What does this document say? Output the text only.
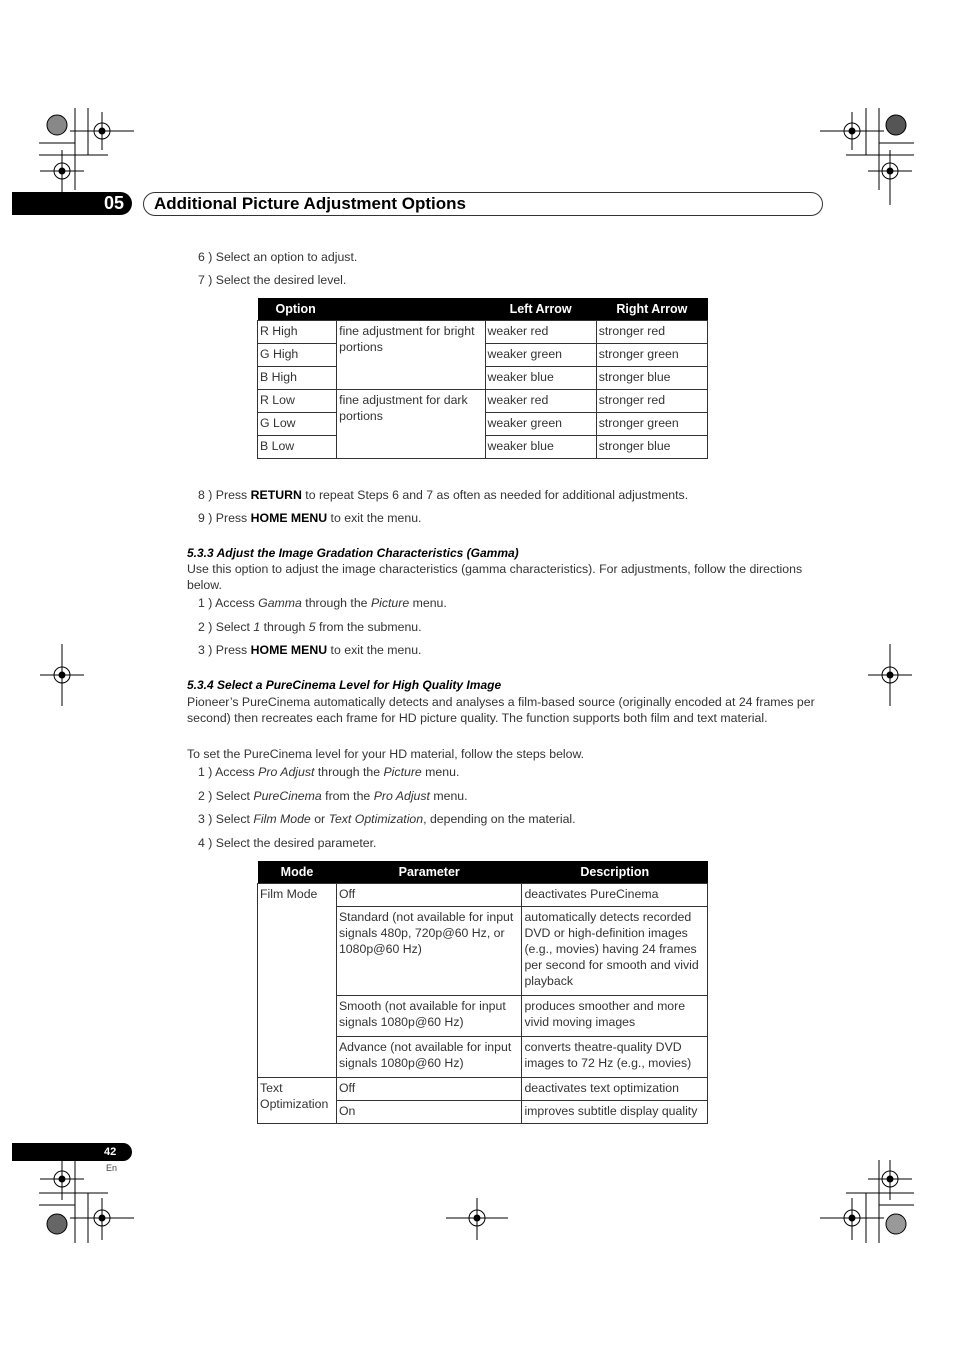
05 Additional Picture Adjustment Options
6 ) Select an option to adjust.
7 ) Select the desired level.
Option		Left Arrow	Right Arrow
R High	fine adjustment for bright portions	weaker red	stronger red
G High		weaker green	stronger green
B High		weaker blue	stronger blue
R Low	fine adjustment for dark portions	weaker red	stronger red
G Low		weaker green	stronger green
B Low		weaker blue	stronger blue
8 ) Press RETURN to repeat Steps 6 and 7 as often as needed for additional adjustments.
9 ) Press HOME MENU to exit the menu.
5.3.3 Adjust the Image Gradation Characteristics (Gamma)
Use this option to adjust the image characteristics (gamma characteristics). For adjustments, follow the directions below.
1 ) Access Gamma through the Picture menu.
2 ) Select 1 through 5 from the submenu.
3 ) Press HOME MENU to exit the menu.
5.3.4 Select a PureCinema Level for High Quality Image
Pioneer’s PureCinema automatically detects and analyses a film-based source (originally encoded at 24 frames per second) then recreates each frame for HD picture quality. The function supports both film and text material.
To set the PureCinema level for your HD material, follow the steps below.
1 ) Access Pro Adjust through the Picture menu.
2 ) Select PureCinema from the Pro Adjust menu.
3 ) Select Film Mode or Text Optimization, depending on the material.
4 ) Select the desired parameter.
Mode	Parameter	Description
Film Mode	Off	deactivates PureCinema
	Standard (not available for input signals 480p, 720p@60 Hz, or 1080p@60 Hz)	automatically detects recorded DVD or high-definition images (e.g., movies) having 24 frames per second for smooth and vivid playback
	Smooth (not available for input signals 1080p@60 Hz)	produces smoother and more vivid moving images
	Advance (not available for input signals 1080p@60 Hz)	converts theatre-quality DVD images to 72 Hz (e.g., movies)
Text Optimization	Off	deactivates text optimization
	On	improves subtitle display quality
42
En
